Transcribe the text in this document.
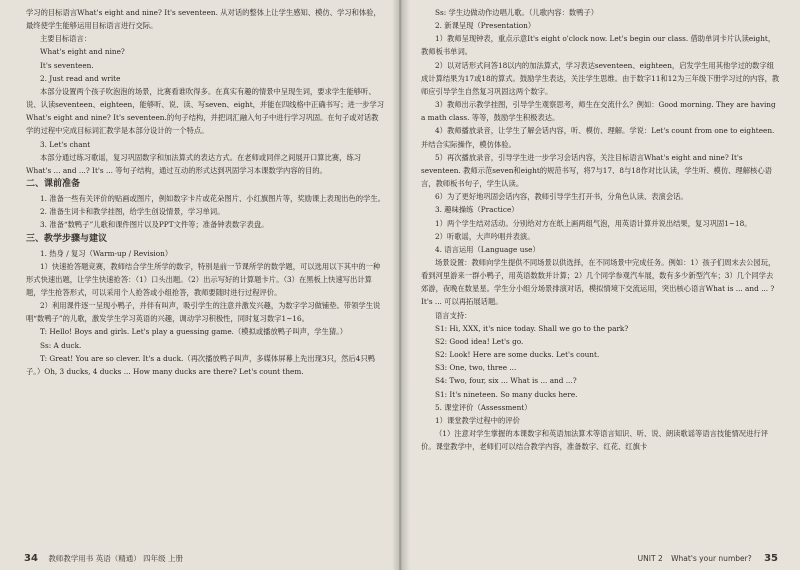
学习的目标语言What's eight and nine? It's seventeen. 从对话的整体上让学生感知、模仿、学习和体验，最终使学生能够运用目标语言进行交际。

主要目标语言：

What's eight and nine?

It's seventeen.

2. Just read and write

本部分设置两个孩子吹泡泡的场景，比赛看谁吹得多。在真实有趣的情景中呈现生词，要求学生能够听、说、认读seventeen、eighteen，能够听、说、读、写seven、eight，并能在四线格中正确书写；进一步学习What's eight and nine? It's seventeen.的句子结构，并把词汇融入句子中进行学习巩固。在句子或对话教学的过程中完成目标词汇教学是本部分设计的一个特点。

3. Let's chant

本部分通过练习歌谣，复习巩固数字和加法算式的表达方式。在老师或同伴之间展开口算比赛，练习What's ... and ...? It's ... 等句子结构，通过互动的形式达到巩固学习本课数学内容的目的。

二、课前准备

1. 准备一些有关评价的贴画或图片，例如数字卡片或花朵图片、小红旗图片等，奖励课上表现出色的学生。

2. 准备生词卡和教学挂图，给学生创设情景，学习单词。

3. 准备“数鸭子”儿歌和课件图片以及PPT文件等；准备钟表数字表盘。

三、教学步骤与建议

1. 热身 / 复习（Warm-up / Revision）

1）快速抢答题竞赛，教师结合学生所学的数字，特别是前一节课所学的数学题，可以选用以下其中的一种形式快速出题，让学生快速抢答：（1）口头出题。（2）出示写好的计算题卡片。（3）在黑板上快速写出计算题，学生抢答形式，可以采用个人抢答或小组抢答，教师要随时进行过程评价。

2）利用课件逐一呈现小鸭子，并伴有叫声，吸引学生的注意并激发兴趣，为数字学习做铺垫。带领学生说唱“数鸭子”的儿歌，激发学生学习英语的兴趣，调动学习积极性，同时复习数字1~16。

T: Hello! Boys and girls. Let's play a guessing game.（模拟或播放鸭子叫声，学生猜。）

Ss: A duck.

T: Great! You are so clever. It's a duck.（再次播放鸭子叫声，多媒体屏幕上先出现3只，然后4只鸭子。）Oh, 3 ducks, 4 ducks ... How many ducks are there? Let's count them.

34 教师教学用书 英语（精通） 四年级 上册

Ss: 学生边做动作边唱儿歌。（儿歌内容：数鸭子）

2. 新课呈现（Presentation）

1）教师呈现钟表，重点示意It's eight o'clock now. Let's begin our class. 借助单词卡片认读eight，教师板书单词。

2）以对话形式问答18以内的加法算式，学习表达seventeen、eighteen，启发学生用其他学过的数字组成计算结果为17或18的算式。鼓励学生表达，关注学生思维。由于数字11和12为三年级下册学习过的内容，教师应引导学生自然复习巩固这两个数字。

3）教师出示教学挂图，引导学生观察思考，师生在交流什么？例如：Good morning. They are having a math class. 等等，鼓励学生积极表达。

4）教师播放录音，让学生了解会话内容，听、模仿、理解。学说：Let's count from one to eighteen. 并结合实际操作，模仿体验。

5）再次播放录音，引导学生进一步学习会话内容，关注目标语言What's eight and nine? It's seventeen. 教师示范seven和eight的规范书写，将7与17、8与18作对比认读，学生听、模仿、理解核心语言，教师板书句子，学生认读。

6）为了更好地巩固会话内容，教师引导学生打开书，分角色认读、表演会话。

3. 趣味操练（Practice）

1）两个学生结对活动。分别给对方在纸上画两组气泡，用英语计算并说出结果，复习巩固1~18。

2）听歌谣，大声吟唱并表演。

4. 语言运用（Language use）

场景设置：教师向学生提供不同场景以供选择，在不同场景中完成任务。例如：1）孩子们周末去公园玩，看到河里游来一群小鸭子，用英语数数并计算；2）几个同学参观汽车展，数有多少新型汽车；3）几个同学去郊游，夜晚在数星星。学生分小组分场景排演对话，模拟情境下交流运用，突出核心语言What is ... and ... ? It's ... 可以再拓展话题。

语言支持：

S1: Hi, XXX, it's nice today. Shall we go to the park?

S2: Good idea! Let's go.

S2: Look! Here are some ducks. Let's count.

S3: One, two, three ...

S4: Two, four, six ... What is ... and ...?

S1: It's nineteen. So many ducks here.

5. 课堂评价（Assessment）

1）课堂教学过程中的评价

（1）注意对学生掌握的本课数字和英语加法算术等语言知识、听、说、朗读歌谣等语言技能情况进行评价。课堂教学中，老师们可以结合教学内容，准备数字、红花、红旗卡

UNIT 2 What's your number? 35
